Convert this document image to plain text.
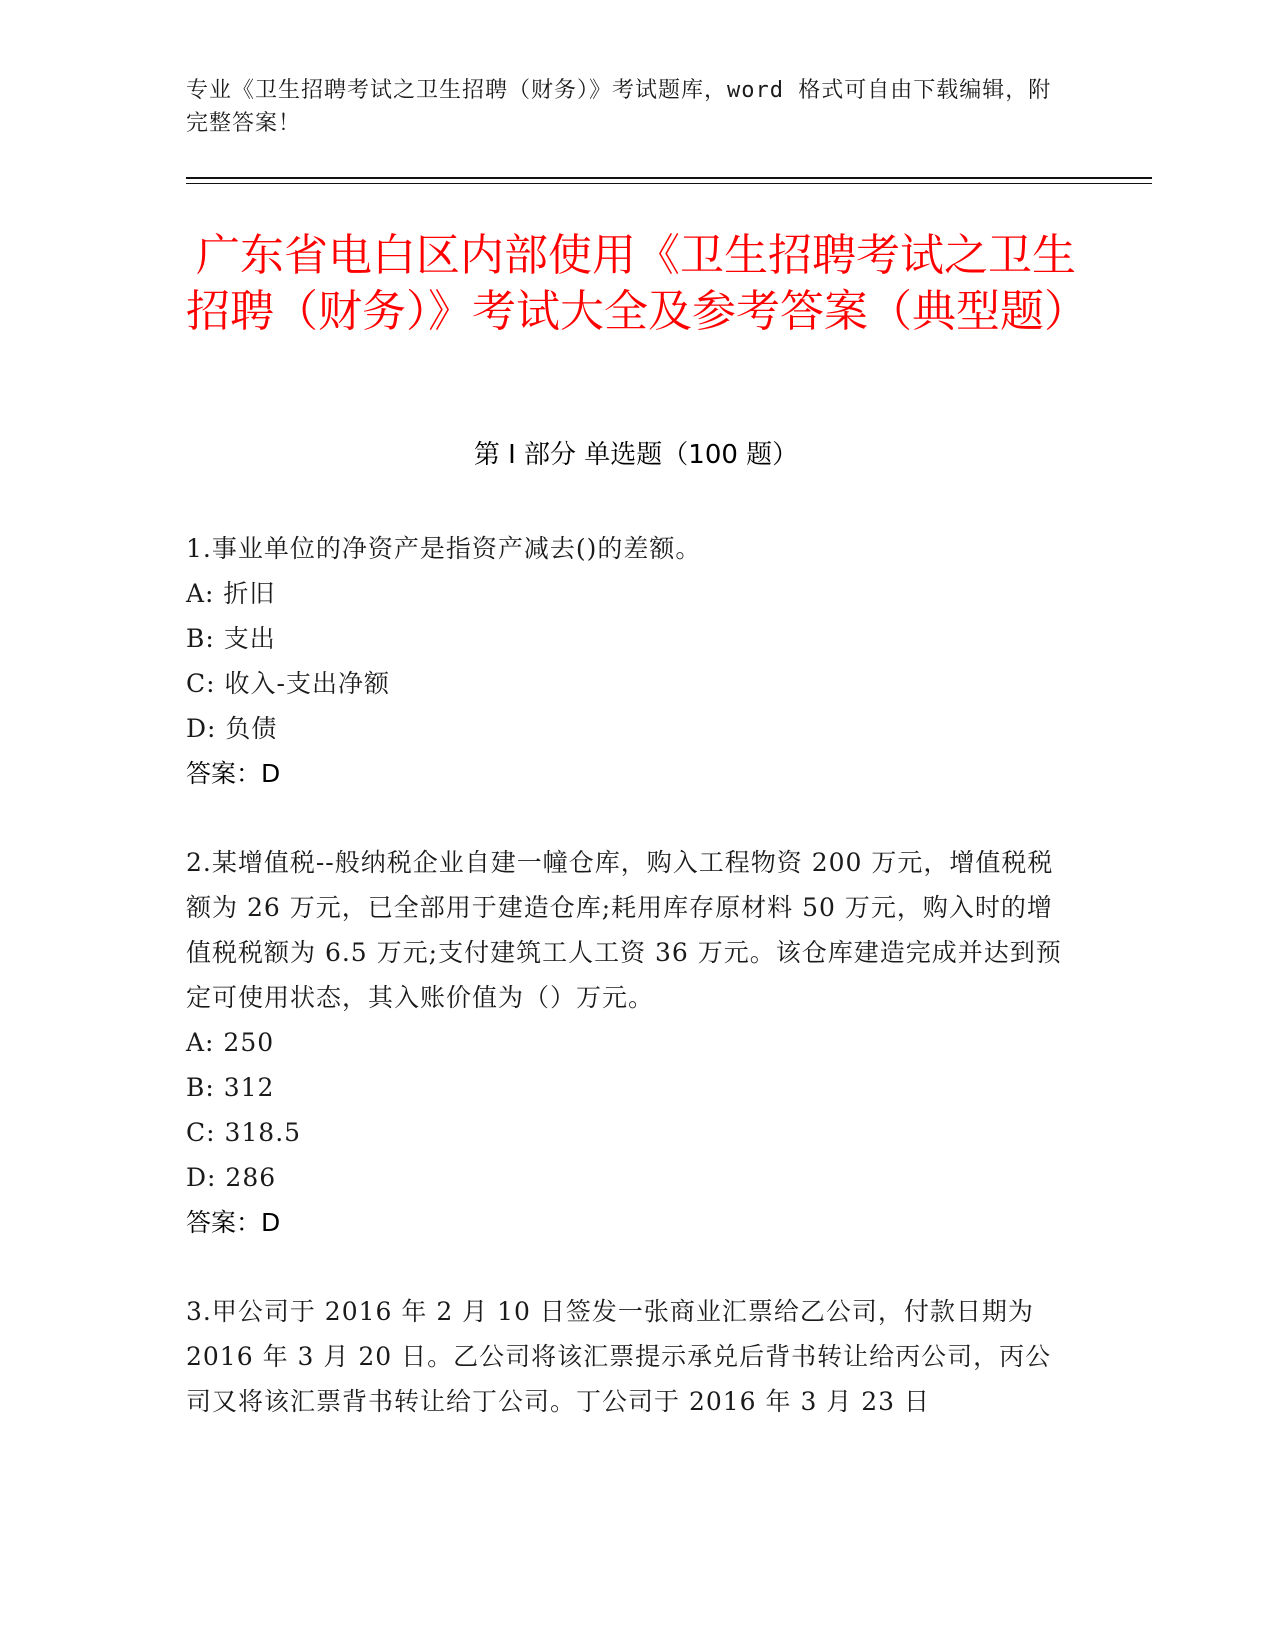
专业《卫生招聘考试之卫生招聘（财务）》考试题库，word 格式可自由下载编辑，附完整答案！
广东省电白区内部使用《卫生招聘考试之卫生招聘（财务）》考试大全及参考答案（典型题）
第 I 部分 单选题（100 题）

1.事业单位的净资产是指资产减去()的差额。

A: 折旧
B: 支出
C: 收入-支出净额
D: 负债
答案：D

2.某增值税--般纳税企业自建一幢仓库，购入工程物资 200 万元，增值税税额为 26 万元，已全部用于建造仓库;耗用库存原材料 50 万元，购入时的增值税税额为 6.5 万元;支付建筑工人工资 36 万元。该仓库建造完成并达到预定可使用状态，其入账价值为（）万元。

A: 250
B: 312
C: 318.5
D: 286
答案：D

3.甲公司于 2016 年 2 月 10 日签发一张商业汇票给乙公司，付款日期为 2016 年 3 月 20 日。乙公司将该汇票提示承兑后背书转让给丙公司，丙公司又将该汇票背书转让给丁公司。丁公司于 2016 年 3 月 23 日
